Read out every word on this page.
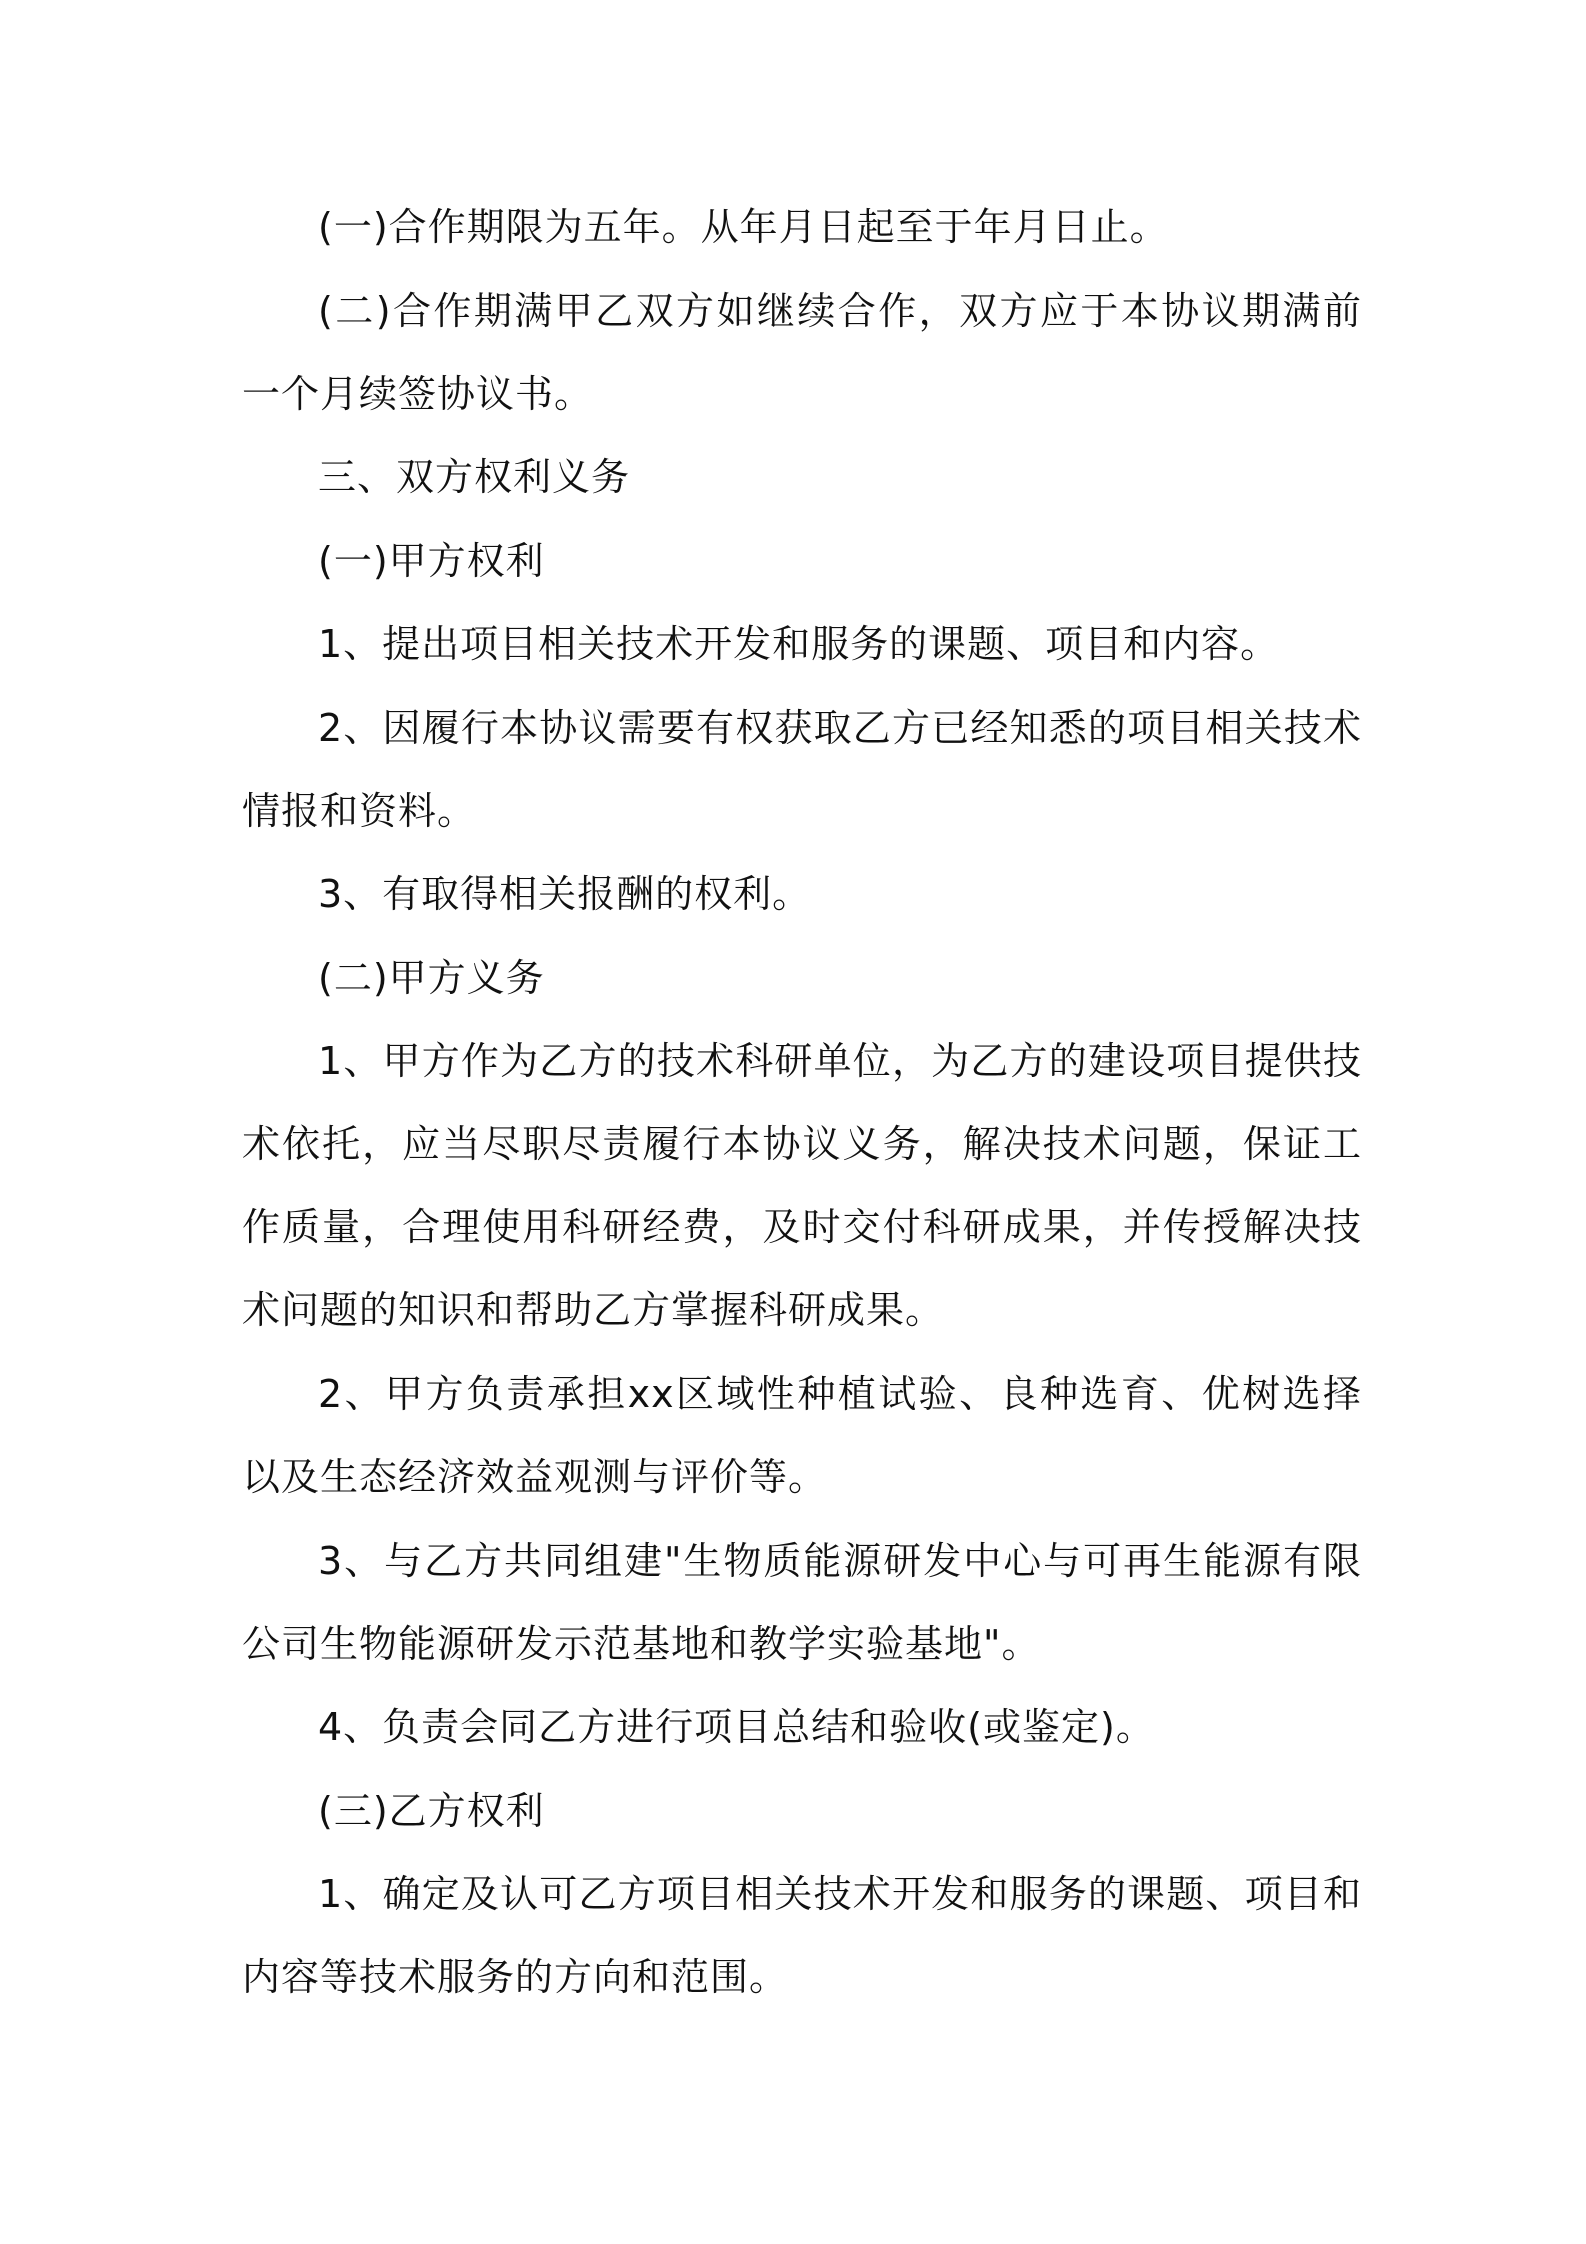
(一)合作期限为五年。从年月日起至于年月日止。

(二)合作期满甲乙双方如继续合作，双方应于本协议期满前一个月续签协议书。

三、双方权利义务

(一)甲方权利

1、提出项目相关技术开发和服务的课题、项目和内容。

2、因履行本协议需要有权获取乙方已经知悉的项目相关技术情报和资料。

3、有取得相关报酬的权利。

(二)甲方义务

1、甲方作为乙方的技术科研单位，为乙方的建设项目提供技术依托，应当尽职尽责履行本协议义务，解决技术问题，保证工作质量，合理使用科研经费，及时交付科研成果，并传授解决技术问题的知识和帮助乙方掌握科研成果。

2、甲方负责承担xx区域性种植试验、良种选育、优树选择以及生态经济效益观测与评价等。

3、与乙方共同组建"生物质能源研发中心与可再生能源有限公司生物能源研发示范基地和教学实验基地"。

4、负责会同乙方进行项目总结和验收(或鉴定)。

(三)乙方权利

1、确定及认可乙方项目相关技术开发和服务的课题、项目和内容等技术服务的方向和范围。
